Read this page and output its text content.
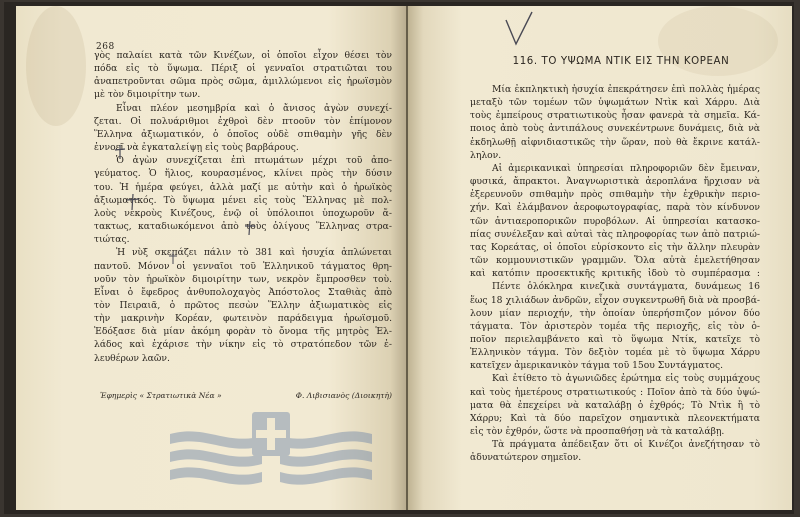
268
γὸς παλαίει κατὰ τῶν Κινέζων, οἱ ὁποῖοι εἶχον θέσει τὸν
πόδα εἰς τὸ ὕψωμα. Πέριξ οἱ γενναῖοι στρατιῶται του
ἀναπετροῦνται σῶμα πρὸς σῶμα, ἁμιλλώμενοι εἰς ἡρωϊσμὸν
μὲ τὸν διμοιρίτην των.
Εἶναι πλέον μεσημβρία καὶ ὁ ἄνισος ἀγὼν συνεχί-
ζεται. Οἱ πολυάριθμοι ἐχθροὶ δὲν πτοοῦν τὸν ἐπίμονον
Ἕλληνα ἀξιωματικόν, ὁ ὁποῖος οὐδὲ σπιθαμὴν γῆς δὲν
ἐννοεῖ νὰ ἐγκαταλείψῃ εἰς τοὺς βαρβάρους.
Ὁ ἀγὼν συνεχίζεται ἐπὶ πτωμάτων μέχρι τοῦ ἀπο-
γεύματος. Ὁ ἥλιος, κουρασμένος, κλίνει πρὸς τὴν δύσιν
του. Ἡ ἡμέρα φεύγει, ἀλλὰ μαζί με αὐτὴν καὶ ὁ ἡρωϊκὸς
ἀξιωματικός. Τὸ ὕψωμα μένει εἰς τοὺς Ἕλληνας μὲ πολ-
λοὺς νεκροὺς Κινέζους, ἐνῷ οἱ ὑπόλοιποι ὑποχωροῦν ἄ-
τακτως, καταδιωκόμενοι ἀπὸ τοὺς ὀλίγους Ἕλληνας στρα-
τιώτας.
Ἡ νὺξ σκεπάζει πάλιν τὸ 381 καὶ ἡσυχία ἁπλώνεται
παντοῦ. Μόνον οἱ γενναῖοι τοῦ Ἑλληνικοῦ τάγματος θρη-
νοῦν τὸν ἡρωϊκὸν διμοιρίτην των, νεκρὸν ἔμπροσθεν τοὺ.
Εἶναι ὁ ἔφεδρος ἀνθυπολοχαγὸς Ἀπόστολος Σταθιὰς ἀπὸ
τὸν Πειραιᾶ, ὁ πρῶτος πεσὼν Ἕλλην ἀξιωματικὸς εἰς
τὴν μακρινὴν Κορέαν, φωτεινὸν παράδειγμα ἡρωϊσμοῦ.
Ἐδόξασε διὰ μίαν ἀκόμη φορὰν τὸ ὄνομα τῆς μητρὸς Ἑλ-
λάδος καὶ ἐχάρισε τὴν νίκην εἰς τὸ στρατόπεδον τῶν ἐ-
λευθέρων λαῶν.
Ἐφημερὶς « Στρατιωτικὰ Νέα »	Φ. Λιβισιανὸς (Διοικητὴ)
116. ΤΟ ΥΨΩΜΑ ΝΤΙΚ ΕΙΣ ΤΗΝ ΚΟΡΕΑΝ
Μία ἐκπληκτικὴ ἡσυχία ἐπεκράτησεν ἐπὶ πολλὰς ἡμέρας
μεταξὺ τῶν τομέων τῶν ὑψωμάτων Ντὶκ καὶ Χάρρυ. Διὰ
τοὺς ἐμπείρους στρατιωτικοὺς ἦσαν φανερὰ τὰ σημεῖα. Κά-
ποιος ἀπὸ τοὺς ἀντιπάλους συνεκέντρωνε δυνάμεις, διὰ νὰ
ἐκδηλωθῇ αἰφνιδιαστικῶς τὴν ὥραν, ποὺ θὰ ἔκρινε κατάλ-
ληλον.
Αἱ ἀμερικανικαὶ ὑπηρεσίαι πληροφοριῶν δὲν ἔμειναν,
φυσικά, ἄπρακτοι. Ἀναγνωριστικὰ ἀεροπλάνα ἤρχισαν νὰ
ἐξερευνοῦν σπιθαμὴν πρὸς σπιθαμὴν τὴν ἐχθρικὴν περιο-
χήν. Καὶ ἐλάμβανον ἀεροφωτογραφίας, παρὰ τὸν κίνδυνον
τῶν ἀντιαεροπορικῶν πυροβόλων. Αἱ ὑπηρεσίαι κατασκο-
πίας συνέλεξαν καὶ αὐταὶ τὰς πληροφορίας των ἀπὸ πατριώ-
τας Κορεάτας, οἱ ὁποῖοι εὑρίσκοντο εἰς τὴν ἄλλην πλευρὰν
τῶν κομμουνιστικῶν γραμμῶν. Ὅλα αὐτὰ ἐμελετήθησαν
καὶ κατόπιν προσεκτικῆς κριτικῆς ἰδοὺ τὸ συμπέρασμα :
Πέντε ὁλόκληρα κινεζικὰ συντάγματα, δυνάμεως 16
ἕως 18 χιλιάδων ἀνδρῶν, εἶχον συγκεντρωθῆ διὰ νὰ προσβά-
λουν μίαν περιοχήν, τὴν ὁποίαν ὑπερήσπιζον μόνον δύο
τάγματα. Τὸν ἀριστερὸν τομέα τῆς περιοχῆς, εἰς τὸν ὁ-
ποῖον περιελαμβάνετο καὶ τὸ ὕψωμα Ντίκ, κατεῖχε τὸ
Ἑλληνικὸν τάγμα. Τὸν δεξιὸν τομέα μὲ τὸ ὕψωμα Χάρρυ
κατεῖχεν ἀμερικανικὸν τάγμα τοῦ 15ου Συντάγματος.
Καὶ ἐτίθετο τὸ ἀγωνιῶδες ἐρώτημα εἰς τοὺς συμμάχους
καὶ τοὺς ἡμετέρους στρατιωτικούς : Ποῖον ἀπὸ τὰ δύο ὑψώ-
ματα θὰ ἐπεχείρει νὰ καταλάβῃ ὁ ἐχθρός; Τὸ Ντὶκ ἢ τὸ
Χάρρυ; Καὶ τὰ δύο παρεῖχον σημαντικὰ πλεονεκτήματα
εἰς τὸν ἐχθρόν, ὥστε νὰ προσπαθήσῃ νὰ τὰ καταλάβῃ.
Τὰ πράγματα ἀπέδειξαν ὅτι οἱ Κινέζοι ἀνεζήτησαν τὸ
ἀδυνατώτερον σημεῖον.
